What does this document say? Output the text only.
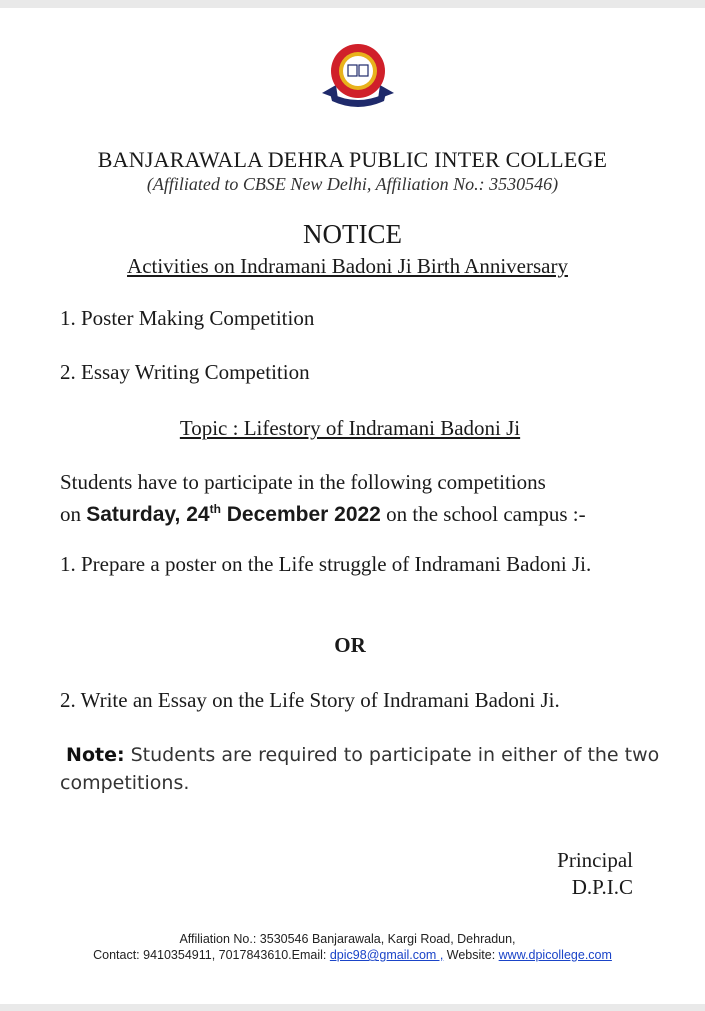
BANJARAWALA DEHRA PUBLIC INTER COLLEGE
(Affiliated to CBSE New Delhi, Affiliation No.: 3530546)
NOTICE
Activities on Indramani Badoni Ji Birth Anniversary
1. Poster Making Competition
2. Essay Writing Competition
Topic : Lifestory of Indramani Badoni Ji
Students have to participate in the following competitions
on Saturday, 24th December 2022 on the school campus :-
1. Prepare a poster on the Life struggle of Indramani Badoni Ji.
OR
2. Write an Essay on the Life Story of Indramani Badoni Ji.
Note: Students are required to participate in either of the two competitions.
Principal
D.P.I.C
Affiliation No.: 3530546 Banjarawala, Kargi Road, Dehradun,
Contact: 9410354911, 7017843610.Email: dpic98@gmail.com , Website: www.dpicollege.com
